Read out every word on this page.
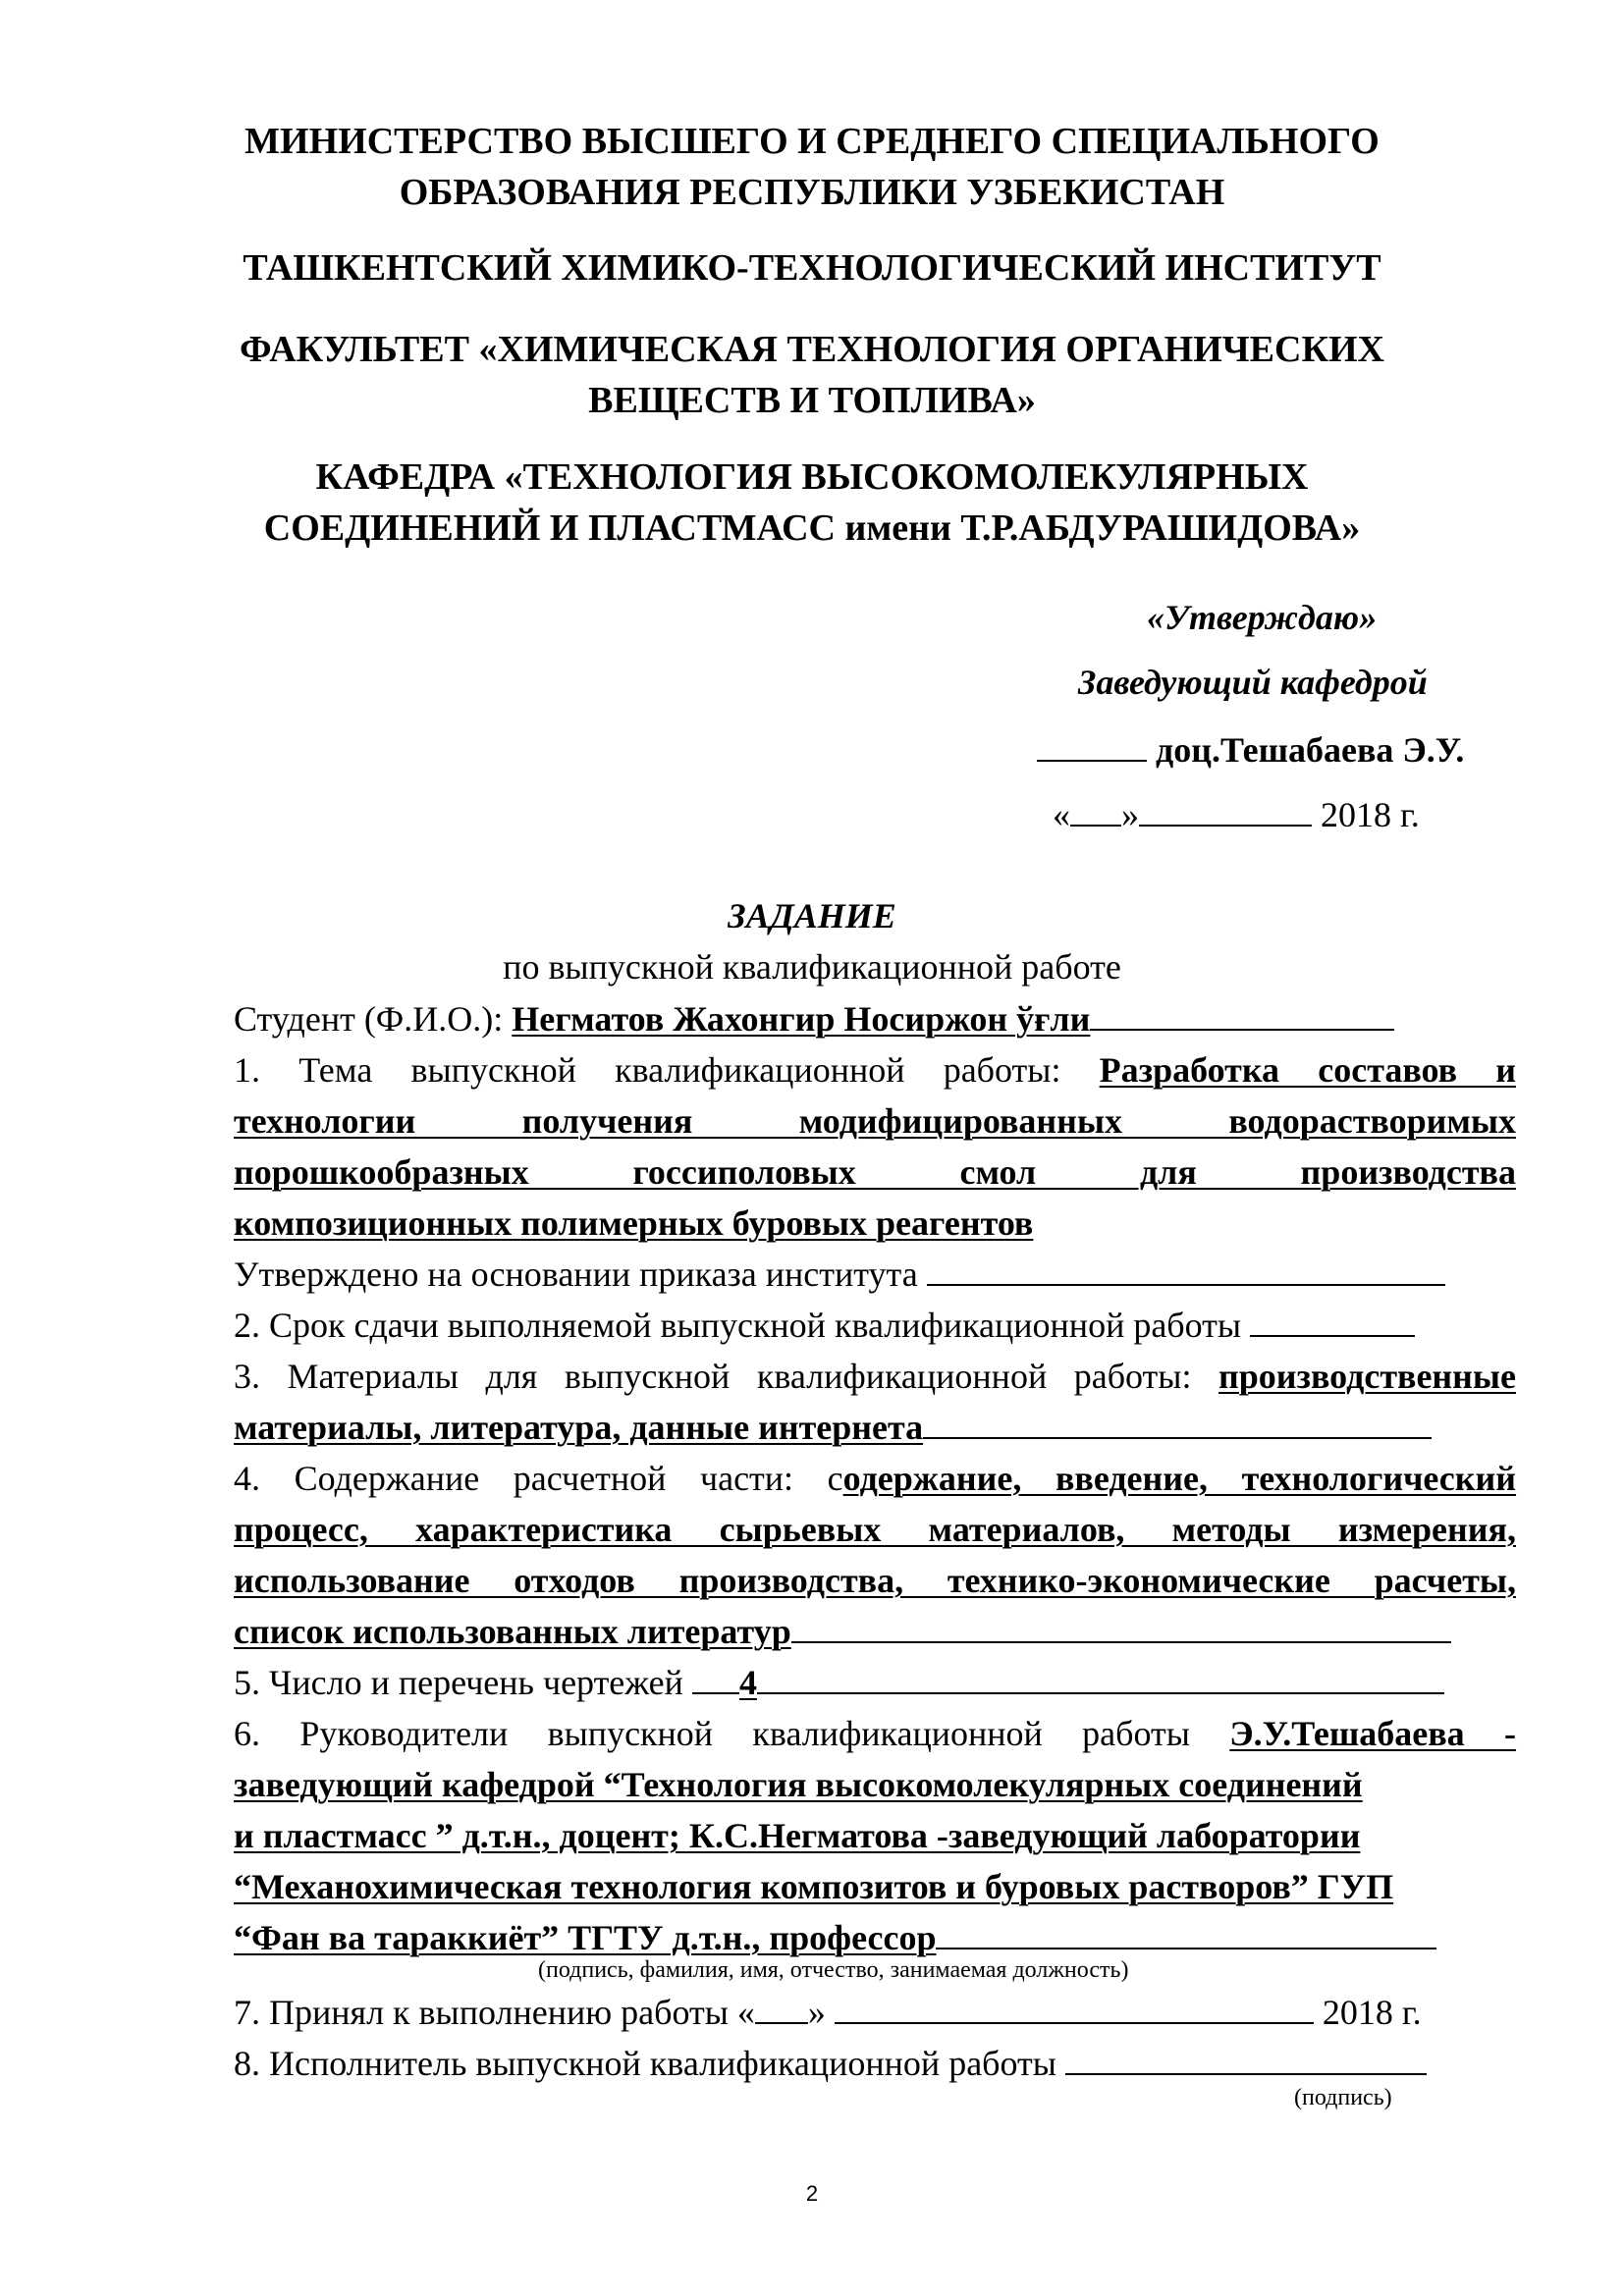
МИНИСТЕРСТВО ВЫСШЕГО И СРЕДНЕГО СПЕЦИАЛЬНОГО
ОБРАЗОВАНИЯ РЕСПУБЛИКИ УЗБЕКИСТАН
ТАШКЕНТСКИЙ ХИМИКО-ТЕХНОЛОГИЧЕСКИЙ ИНСТИТУТ
ФАКУЛЬТЕТ «ХИМИЧЕСКАЯ ТЕХНОЛОГИЯ ОРГАНИЧЕСКИХ
ВЕЩЕСТВ И ТОПЛИВА»
КАФЕДРА «ТЕХНОЛОГИЯ ВЫСОКОМОЛЕКУЛЯРНЫХ
СОЕДИНЕНИЙ И ПЛАСТМАСС имени Т.Р.АБДУРАШИДОВА»
«Утверждаю»
Заведующий кафедрой
доц.Тешабаева Э.У.
« »	2018 г.
ЗАДАНИЕ
по выпускной квалификационной работе
Студент (Ф.И.О.): Негматов Жахонгир Носиржон ўғли
1. Тема выпускной квалификационной работы: Разработка составов и
технологии получения модифицированных водорастворимых
порошкообразных госсиполовых смол для производства
композиционных полимерных буровых реагентов
Утверждено на основании приказа института
2. Срок сдачи выполняемой выпускной квалификационной работы
3. Материалы для выпускной квалификационной работы: производственные
материалы, литература, данные интернета
4. Содержание расчетной части: содержание, введение, технологический
процесс, характеристика сырьевых материалов, методы измерения,
использование отходов производства, технико-экономические расчеты,
список использованных литератур
5. Число и перечень чертежей 4
6. Руководители выпускной квалификационной работы Э.У.Тешабаева -
заведующий кафедрой “Технология высокомолекулярных соединений
и пластмасс ” д.т.н., доцент; К.С.Негматова -заведующий лаборатории
“Механохимическая технология композитов и буровых растворов” ГУП
“Фан ва тараккиёт” ТГТУ д.т.н., профессор
(подпись, фамилия, имя, отчество, занимаемая должность)
7. Принял к выполнению работы « »	2018 г.
8. Исполнитель выпускной квалификационной работы
(подпись)
2
